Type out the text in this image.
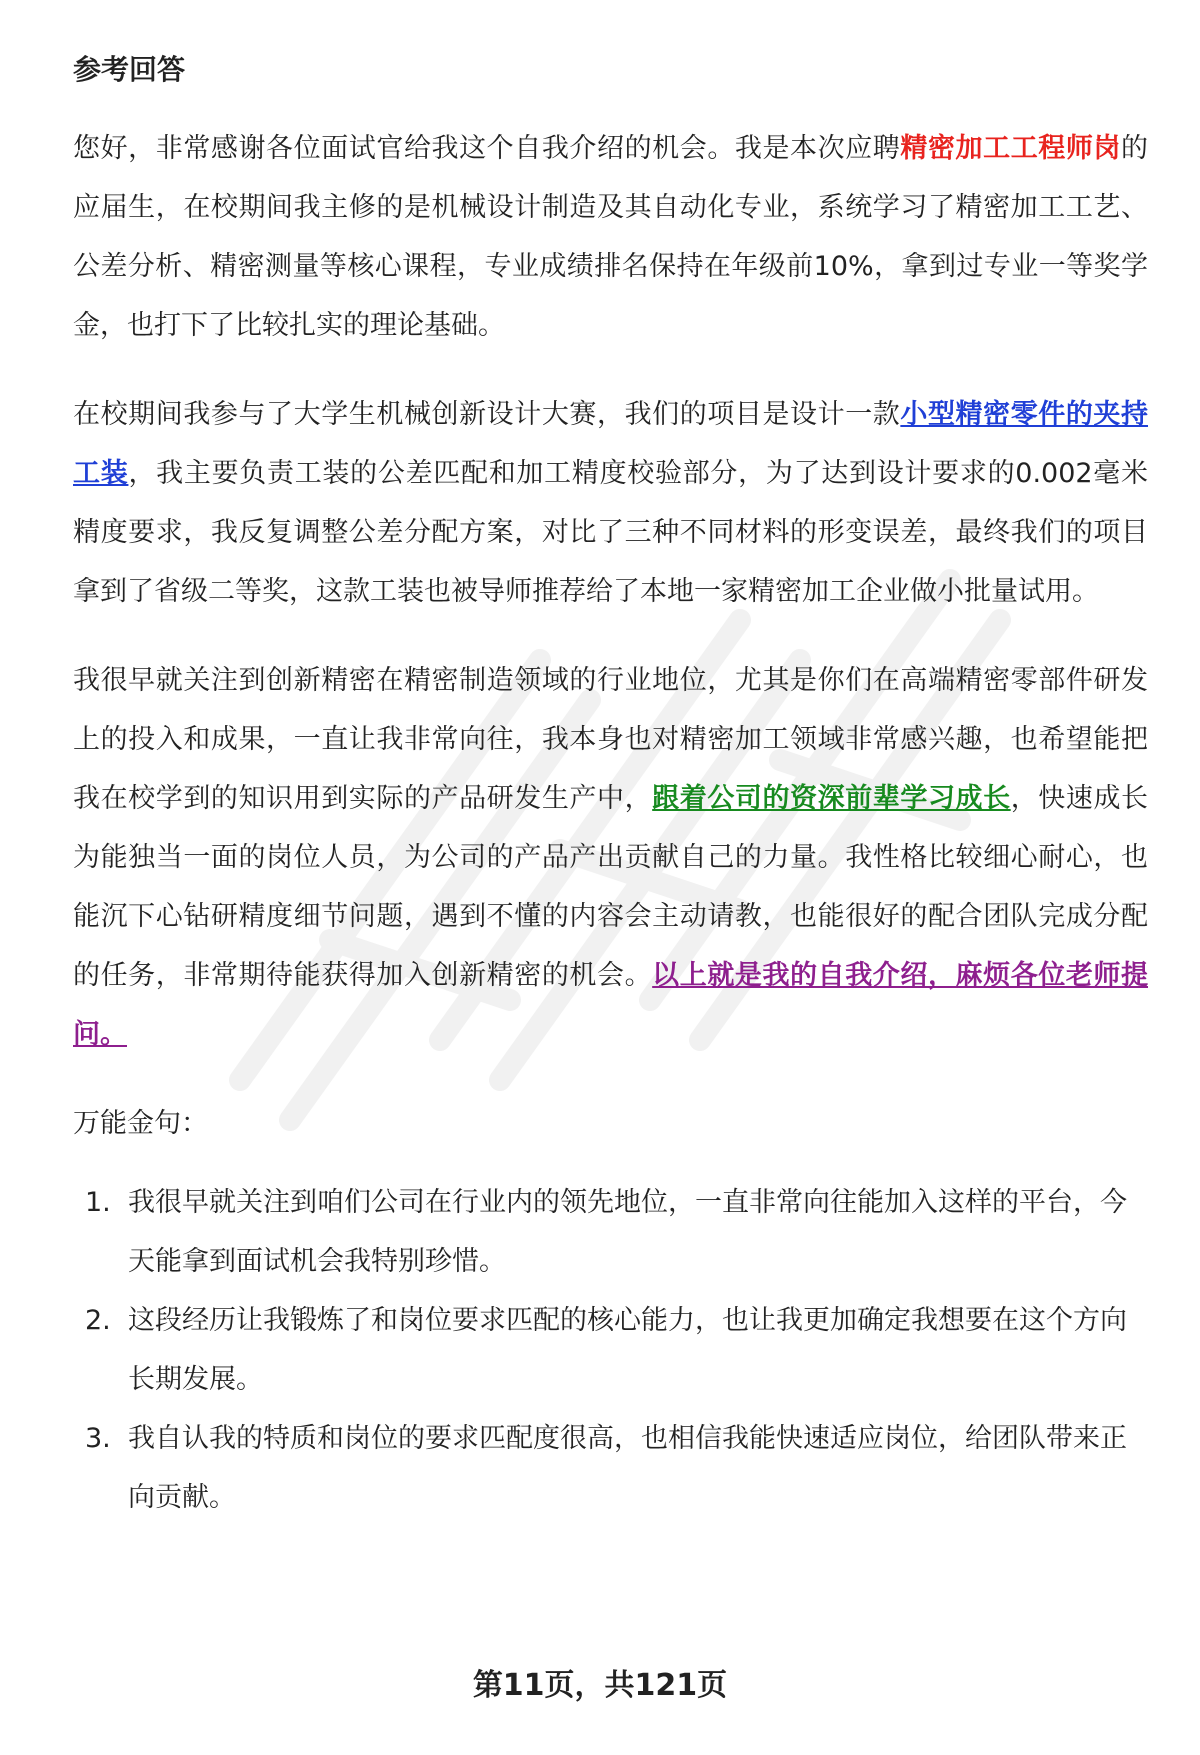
参考回答

您好，非常感谢各位面试官给我这个自我介绍的机会。我是本次应聘精密加工工程师岗的应届生，在校期间我主修的是机械设计制造及其自动化专业，系统学习了精密加工工艺、公差分析、精密测量等核心课程，专业成绩排名保持在年级前10%，拿到过专业一等奖学金，也打下了比较扎实的理论基础。

在校期间我参与了大学生机械创新设计大赛，我们的项目是设计一款小型精密零件的夹持工装，我主要负责工装的公差匹配和加工精度校验部分，为了达到设计要求的0.002毫米精度要求，我反复调整公差分配方案，对比了三种不同材料的形变误差，最终我们的项目拿到了省级二等奖，这款工装也被导师推荐给了本地一家精密加工企业做小批量试用。

我很早就关注到创新精密在精密制造领域的行业地位，尤其是你们在高端精密零部件研发上的投入和成果，一直让我非常向往，我本身也对精密加工领域非常感兴趣，也希望能把我在校学到的知识用到实际的产品研发生产中，跟着公司的资深前辈学习成长，快速成长为能独当一面的岗位人员，为公司的产品产出贡献自己的力量。我性格比较细心耐心，也能沉下心钻研精度细节问题，遇到不懂的内容会主动请教，也能很好的配合团队完成分配的任务，非常期待能获得加入创新精密的机会。以上就是我的自我介绍，麻烦各位老师提问。

万能金句：
1. 我很早就关注到咱们公司在行业内的领先地位，一直非常向往能加入这样的平台，今天能拿到面试机会我特别珍惜。
2. 这段经历让我锻炼了和岗位要求匹配的核心能力，也让我更加确定我想要在这个方向长期发展。
3. 我自认我的特质和岗位的要求匹配度很高，也相信我能快速适应岗位，给团队带来正向贡献。
第11页，共121页
